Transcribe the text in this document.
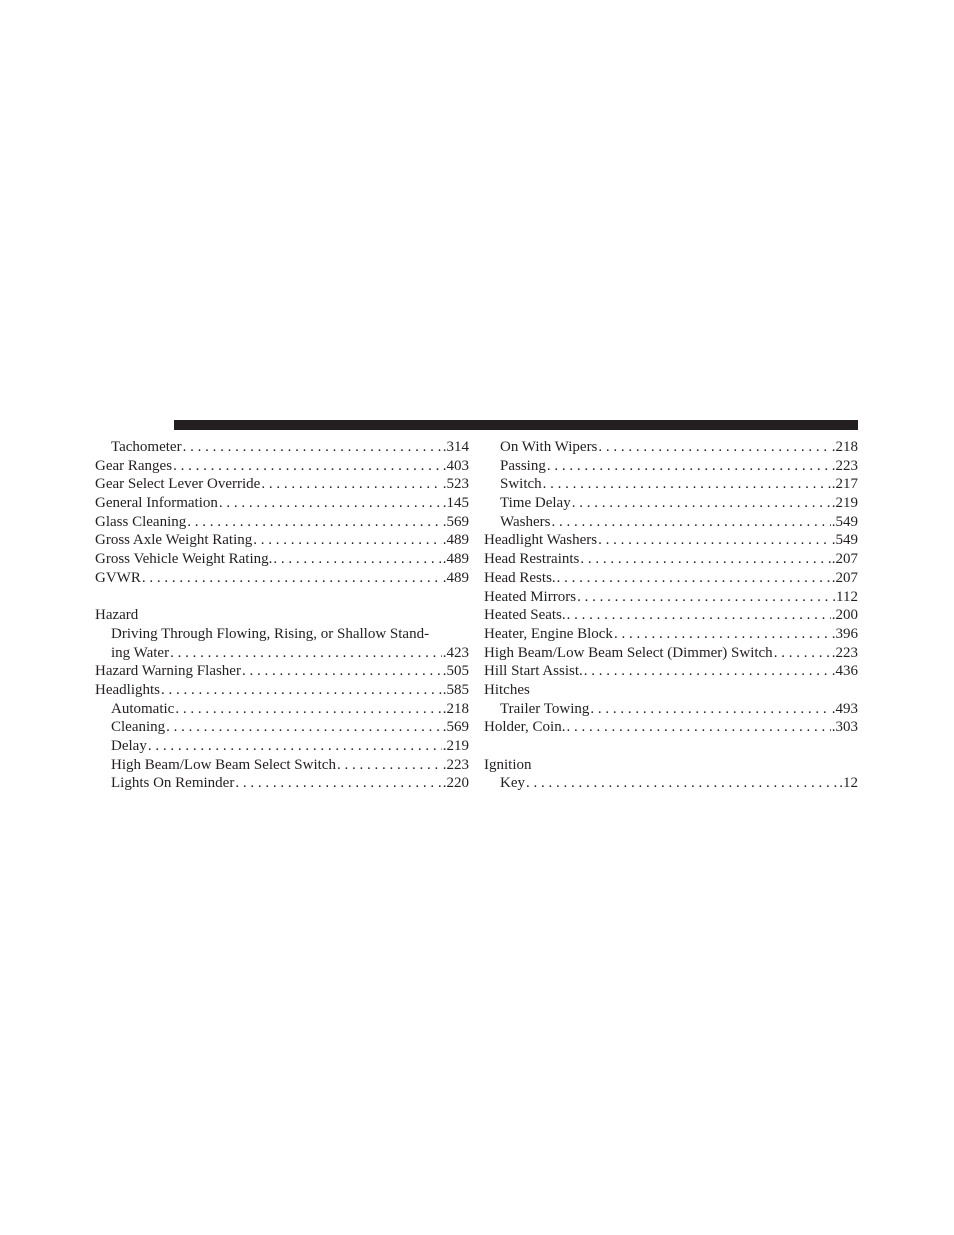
Tachometer . . .	.314
Gear Ranges . . .	.403
Gear Select Lever Override . . .	.523
General Information . . .	.145
Glass Cleaning . . .	.569
Gross Axle Weight Rating . . .	.489
Gross Vehicle Weight Rating. . . .	.489
GVWR . . .	.489
Hazard
Driving Through Flowing, Rising, or Shallow Stand-
ing Water . . .	.423
Hazard Warning Flasher . . .	.505
Headlights . . .	.585
Automatic . . .	.218
Cleaning . . .	.569
Delay . . .	.219
High Beam/Low Beam Select Switch . . .	.223
Lights On Reminder . . .	.220
On With Wipers . . .	.218
Passing . . .	.223
Switch . . .	.217
Time Delay . . .	.219
Washers . . .	.549
Headlight Washers . . .	.549
Head Restraints . . .	.207
Head Rests. . . .	.207
Heated Mirrors . . .	.112
Heated Seats. . . .	.200
Heater, Engine Block . . .	.396
High Beam/Low Beam Select (Dimmer) Switch . . .	.223
Hill Start Assist. . . .	.436
Hitches
Trailer Towing . . .	.493
Holder, Coin. . . .	.303
Ignition
Key . . .	.12
